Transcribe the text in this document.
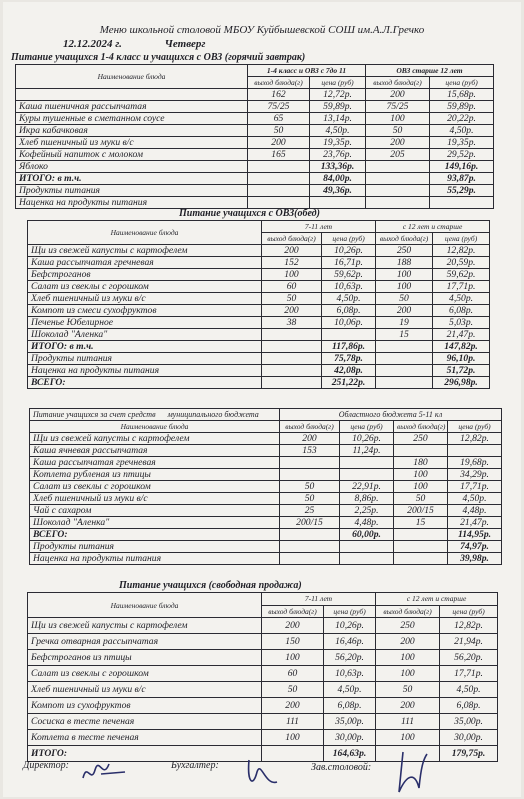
Меню школьной столовой МБОУ Куйбышевской СОШ им.А.Л.Гречко
12.12.2024 г.	Четверг
Питание учащихся 1-4 класс и учащихся с ОВЗ (горячий завтрак)
Наименование блюда	1-4 класс и ОВЗ с 7до 11		ОВЗ старше 12 лет	
	выход блюда(г)	цена (руб)	выход блюда(г)	цена (руб)
	162	12,72р.	200	15,68р.
Каша пшеничная рассыпчатая	75/25	59,89р.	75/25	59,89р.
Куры тушенные в сметанном соусе	65	13,14р.	100	20,22р.
Икра кабачковая	50	4,50р.	50	4,50р.
Хлеб пшеничный из муки в/с	200	19,35р.	200	19,35р.
Кофейный напиток с молоком	165	23,76р.	205	29,52р.
Яблоко		133,36р.		149,16р.
ИТОГО: в т.ч.		84,00р.		93,87р.
Продукты питания		49,36р.		55,29р.
Наценка на продукты питания				
Питание учащихся с ОВЗ(обед)
Наименование блюда	7-11 лет		с 12 лет и старше	
	выход блюда(г)	цена (руб)	выход блюда(г)	цена (руб)
Щи из свежей капусты с картофелем	200	10,26р.	250	12,82р.
Каша рассыпчатая гречневая	152	16,71р.	188	20,59р.
Бефстроганов	100	59,62р.	100	59,62р.
Салат из свеклы с горошком	60	10,63р.	100	17,71р.
Хлеб пшеничный из муки в/с	50	4,50р.	50	4,50р.
Компот из смеси сухофруктов	200	6,08р.	200	6,08р.
Печенье Юбелирное	38	10,06р.	19	5,03р.
Шоколад "Аленка"			15	21,47р.
ИТОГО: в т.ч.		117,86р.		147,82р.
Продукты питания		75,78р.		96,10р.
Наценка на продукты питания		42,08р.		51,72р.
ВСЕГО:		251,22р.		296,98р.
Питание учащихся за счет средств муниципального бюджета	Областного бюджета 5-11 кл			
Наименование блюда	выход блюда(г)	цена (руб)	выход блюда(г)	цена (руб)
Щи из свежей капусты с картофелем	200	10,26р.	250	12,82р.
Каша ячневая рассыпчатая	153	11,24р.		
Каша рассыпчатая гречневая			180	19,68р.
Котлета рубленая из птицы			100	34,29р.
Салат из свеклы с горошком	50	22,91р.	100	17,71р.
Хлеб пшеничный из муки в/с	50	8,86р.	50	4,50р.
Чай с сахаром	25	2,25р.	200/15	4,48р.
Шоколад "Аленка"	200/15	4,48р.	15	21,47р.
ВСЕГО:		60,00р.		114,95р.
Продукты питания				74,97р.
Наценка на продукты питания				39,98р.
Питание учащихся (свободная продажа)
Наименование блюда	7-11 лет		с 12 лет и старше	
	выход блюда(г)	цена (руб)	выход блюда(г)	цена (руб)
Щи из свежей капусты с картофелем	200	10,26р.	250	12,82р.
Гречка отварная рассыпчатая	150	16,46р.	200	21,94р.
Бефстроганов из птицы	100	56,20р.	100	56,20р.
Салат из свеклы с горошком	60	10,63р.	100	17,71р.
Хлеб пшеничный из муки в/с	50	4,50р.	50	4,50р.
Компот из сухофруктов	200	6,08р.	200	6,08р.
Сосиска в тесте печеная	111	35,00р.	111	35,00р.
Котлета в тесте печеная	100	30,00р.	100	30,00р.
ИТОГО:		164,63р.		179,75р.
Директор:	Бухгалтер:	Зав.столовой:
